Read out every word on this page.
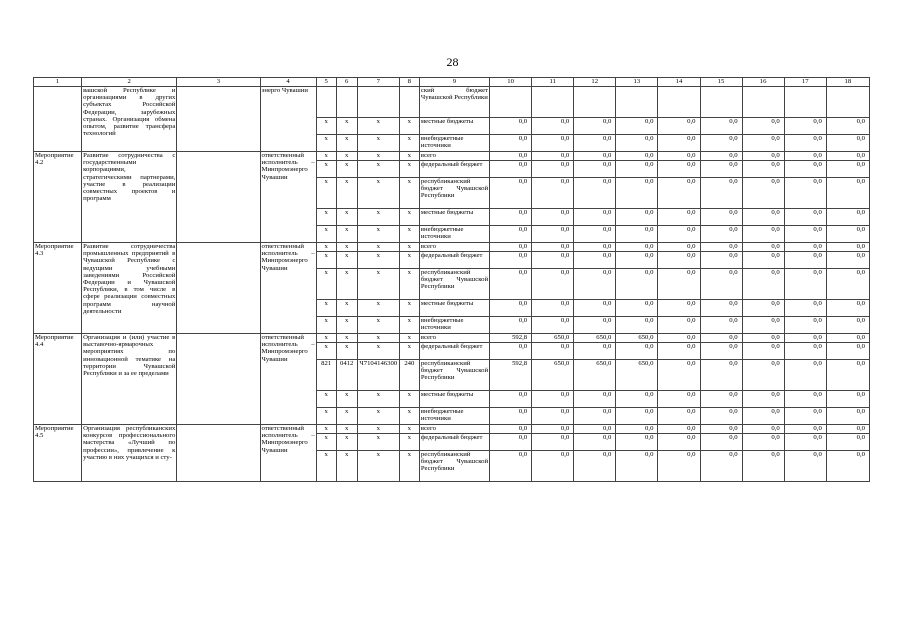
28
1	2	3	4	5	6	7	8	9	10	11	12	13	14	15	16	17	18
	вашской Республике и организациями в других субъектах Российской Федерации, зарубежных странах. Организация обмена опытом, развитие трансфера технологий		энерго Чувашии					ский бюджет Чувашской Республики									
				x	x	x	x	местные бюджеты	0,0	0,0	0,0	0,0	0,0	0,0	0,0	0,0	0,0
				x	x	x	x	внебюджетные источники	0,0	0,0	0,0	0,0	0,0	0,0	0,0	0,0	0,0
Мероприятие 4.2	Развитие сотрудничества с государственными корпорациями, стратегическими партнерами, участие в реализации совместных проектов и программ		ответственный исполнитель – Минпромэнерго Чувашии	x	x	x	x	всего	0,0	0,0	0,0	0,0	0,0	0,0	0,0	0,0	0,0
				x	x	x	x	федеральный бюджет	0,0	0,0	0,0	0,0	0,0	0,0	0,0	0,0	0,0
				x	x	x	x	республиканский бюджет Чувашской Республики	0,0	0,0	0,0	0,0	0,0	0,0	0,0	0,0	0,0
				x	x	x	x	местные бюджеты	0,0	0,0	0,0	0,0	0,0	0,0	0,0	0,0	0,0
				x	x	x	x	внебюджетные источники	0,0	0,0	0,0	0,0	0,0	0,0	0,0	0,0	0,0
Мероприятие 4.3	Развитие сотрудничества промышленных предприятий в Чувашской Республике с ведущими учебными заведениями Российской Федерации и Чувашской Республики, в том числе в сфере реализации совместных программ научной деятельности		ответственный исполнитель – Минпромэнерго Чувашии	x	x	x	x	всего	0,0	0,0	0,0	0,0	0,0	0,0	0,0	0,0	0,0
				x	x	x	x	федеральный бюджет	0,0	0,0	0,0	0,0	0,0	0,0	0,0	0,0	0,0
				x	x	x	x	республиканский бюджет Чувашской Республики	0,0	0,0	0,0	0,0	0,0	0,0	0,0	0,0	0,0
				x	x	x	x	местные бюджеты	0,0	0,0	0,0	0,0	0,0	0,0	0,0	0,0	0,0
				x	x	x	x	внебюджетные источники	0,0	0,0	0,0	0,0	0,0	0,0	0,0	0,0	0,0
Мероприятие 4.4	Организация и (или) участие в выставочно-ярмарочных мероприятиях по инновационной тематике на территории Чувашской Республики и за ее пределами		ответственный исполнитель – Минпромэнерго Чувашии	x	x	x	x	всего	592,8	650,0	650,0	650,0	0,0	0,0	0,0	0,0	0,0
				x	x	x	x	федеральный бюджет	0,0	0,0	0,0	0,0	0,0	0,0	0,0	0,0	0,0
				821	0412	Ч7104146300	240	республиканский бюджет Чувашской Республики	592,8	650,0	650,0	650,0	0,0	0,0	0,0	0,0	0,0
				x	x	x	x	местные бюджеты	0,0	0,0	0,0	0,0	0,0	0,0	0,0	0,0	0,0
				x	x	x	x	внебюджетные источники	0,0	0,0	0,0	0,0	0,0	0,0	0,0	0,0	0,0
Мероприятие 4.5	Организация республиканских конкурсов профессионального мастерства «Лучший по профессии», привлечение к участию в них учащихся и сту-		ответственный исполнитель – Минпромэнерго Чувашии	x	x	x	x	всего	0,0	0,0	0,0	0,0	0,0	0,0	0,0	0,0	0,0
				x	x	x	x	федеральный бюджет	0,0	0,0	0,0	0,0	0,0	0,0	0,0	0,0	0,0
				x	x	x	x	республиканский бюджет Чувашской Республики	0,0	0,0	0,0	0,0	0,0	0,0	0,0	0,0	0,0
